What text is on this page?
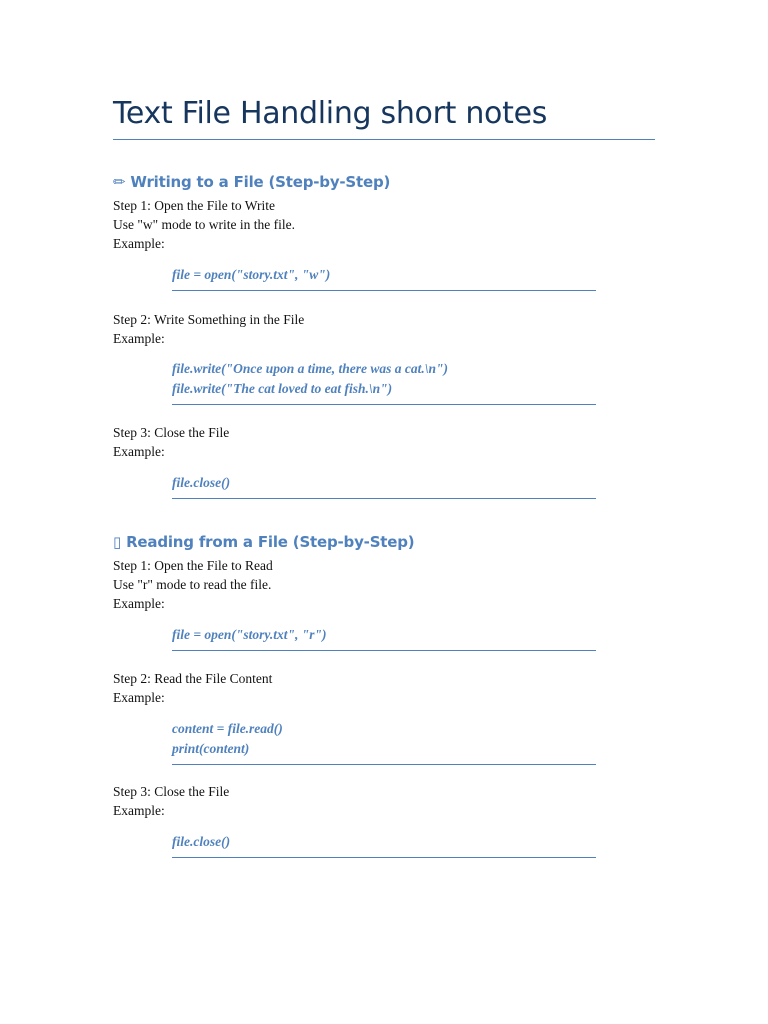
Text File Handling short notes
✏ Writing to a File (Step-by-Step)

Step 1: Open the File to Write

Use "w" mode to write in the file.

Example:

file = open("story.txt", "w")

Step 2: Write Something in the File

Example:

file.write("Once upon a time, there was a cat.\n")
file.write("The cat loved to eat fish.\n")

Step 3: Close the File

Example:

file.close()
▯ Reading from a File (Step-by-Step)

Step 1: Open the File to Read

Use "r" mode to read the file.

Example:

file = open("story.txt", "r")

Step 2: Read the File Content

Example:

content = file.read()
print(content)

Step 3: Close the File

Example:

file.close()
